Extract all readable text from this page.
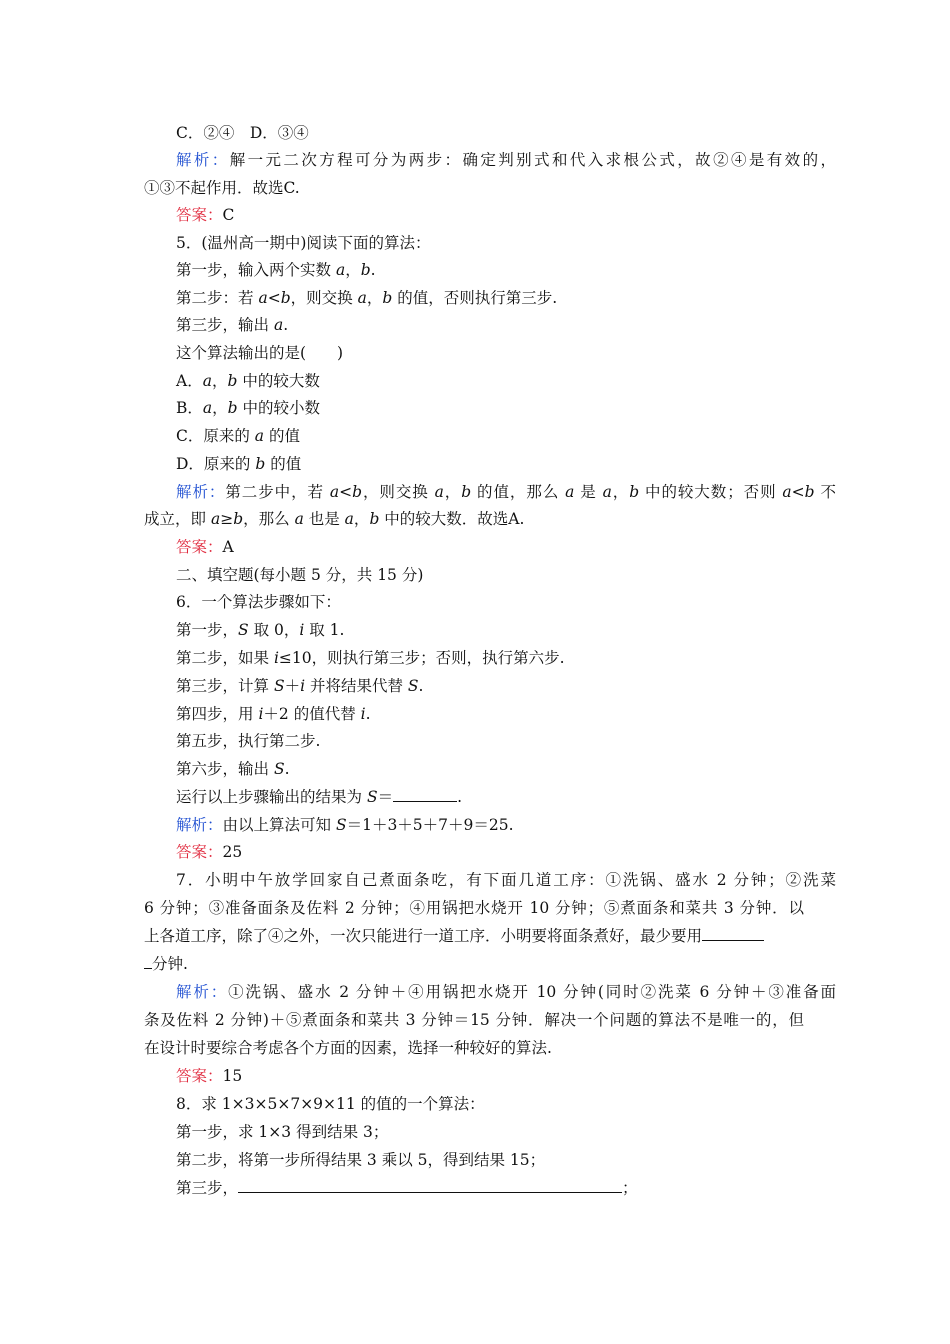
C．②④　D．③④
解析：解一元二次方程可分为两步：确定判别式和代入求根公式，故②④是有效的，
①③不起作用．故选C.
答案：C
5．(温州高一期中)阅读下面的算法：
第一步，输入两个实数 a，b.
第二步：若 a<b，则交换 a，b 的值，否则执行第三步.
第三步，输出 a.
这个算法输出的是(　　)
A．a，b 中的较大数
B．a，b 中的较小数
C．原来的 a 的值
D．原来的 b 的值
解析：第二步中，若 a<b，则交换 a，b 的值，那么 a 是 a，b 中的较大数；否则 a<b 不
成立，即 a≥b，那么 a 也是 a，b 中的较大数．故选A.
答案：A
二、填空题(每小题 5 分，共 15 分)
6．一个算法步骤如下：
第一步，S 取 0，i 取 1.
第二步，如果 i≤10，则执行第三步；否则，执行第六步.
第三步，计算 S＋i 并将结果代替 S.
第四步，用 i＋2 的值代替 i.
第五步，执行第二步.
第六步，输出 S.
运行以上步骤输出的结果为 S＝	.
解析：由以上算法可知 S＝1＋3＋5＋7＋9＝25.
答案：25
7．小明中午放学回家自己煮面条吃，有下面几道工序：①洗锅、盛水 2 分钟；②洗菜
6 分钟；③准备面条及佐料 2 分钟；④用锅把水烧开 10 分钟；⑤煮面条和菜共 3 分钟．以
上各道工序，除了④之外，一次只能进行一道工序．小明要将面条煮好，最少要用
分钟.
解析：①洗锅、盛水 2 分钟＋④用锅把水烧开 10 分钟(同时②洗菜 6 分钟＋③准备面
条及佐料 2 分钟)＋⑤煮面条和菜共 3 分钟＝15 分钟．解决一个问题的算法不是唯一的，但
在设计时要综合考虑各个方面的因素，选择一种较好的算法.
答案：15
8．求 1×3×5×7×9×11 的值的一个算法：
第一步，求 1×3 得到结果 3；
第二步，将第一步所得结果 3 乘以 5，得到结果 15；
第三步，	；
